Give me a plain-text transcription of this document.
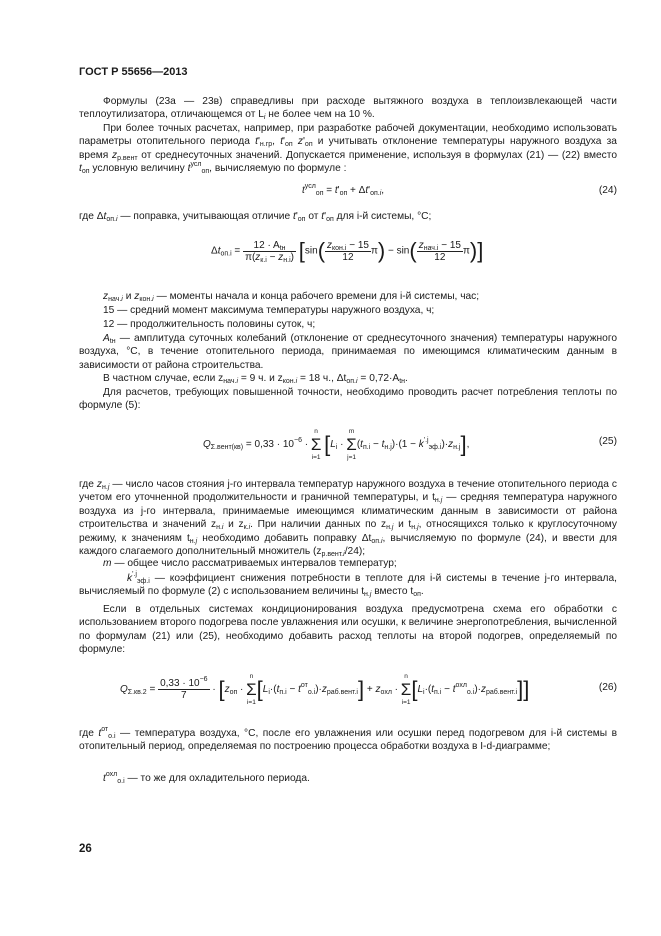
ГОСТ Р 55656—2013

Формулы (23а — 23в) справедливы при расходе вытяжного воздуха в теплоизвлекающей части теплоутилизатора, отличающемся от $L_i$ не более чем на 10 %.

При более точных расчетах, например, при разработке рабочей документации, необходимо использовать параметры отопительного периода $t'_{н.гр}$, $t'_{оп}$ $z'_{оп}$ и учитывать отклонение температуры наружного воздуха за время $z_{р.вент}$ от среднесуточных значений. Допускается применение, используя в формулах (21) — (22) вместо $t_{оп}$ условную величину $t^{усл}_{оп}$, вычисляемую по формуле :

$t^{усл}_{оп} = t'_{оп} + \Delta t'_{оп.i}$,	(24)

где $\Delta t_{оп.i}$ — поправка, учитывающая отличие $t'_{оп}$ от $t'_{оп}$ для i-й системы, °С;

$\Delta t_{оп.i} = \frac{12 \cdot A_{tн}}{\pi(z_{к.i} - z_{н.i})} [\sin( \frac{z_{кон.i} - 15}{12} \pi) - \sin( \frac{z_{нач.i} - 15}{12} \pi)]$

$z_{нач.i}$ и $z_{кон.i}$ — моменты начала и конца рабочего времени для i-й системы, час;

15 — средний момент максимума температуры наружного воздуха, ч;

12 — продолжительность половины суток, ч;

$A_{tн}$ — амплитуда суточных колебаний (отклонение от среднесуточного значения) температуры наружного воздуха, °С, в течение отопительного периода, принимаемая по имеющимся климатическим данным в зависимости от района строительства.

В частном случае, если $z_{нач.i} = 9$ ч. и $z_{кон.i} = 18$ ч., $\Delta t_{оп.i} = 0,72\cdot A_{tн}$.

Для расчетов, требующих повышенной точности, необходимо проводить расчет потребления теплоты по формуле (5):

$Q_{\Sigma.вент(кв)} = 0,33 \cdot 10^{-6}$ ·
n
Σ
i=1
[$L_i$ ·
m
Σ
j=1
$(t_{п.i} - t_{н.j})\cdot(1 - k^{'.j}_{эф.i})\cdot z_{н.j}$],	(25)

где $z_{н.j}$ — число часов стояния j-го интервала температур наружного воздуха в течение отопительного периода с учетом его уточненной продолжительности и граничной температуры, и $t_{н.j}$ — средняя температура наружного воздуха из j-го интервала, принимаемые имеющимся климатическим данным в зависимости от района строительства и значений $z_{н.i}$ и $z_{к.i}$. При наличии данных по $z_{н.j}$ и $t_{н.j}$, относящихся только к круглосуточному режиму, к значениям $t_{н.j}$ необходимо добавить поправку $\Delta t_{оп.i}$, вычисляемую по формуле (24), и ввести для каждого слагаемого дополнительный множитель $(z_{р.вент.i}/24)$;

m — общее число рассматриваемых интервалов температур;

$k^{'.j}_{эф.i}$ — коэффициент снижения потребности в теплоте для i-й системы в течение j-го интервала, вычисляемый по формуле (2) с использованием величины $t_{н.j}$ вместо $t_{оп}$.

Если в отдельных системах кондиционирования воздуха предусмотрена схема его обработки с использованием второго подогрева после увлажнения или осушки, к величине энергопотребления, вычисленной по формулам (21) или (25), необходимо добавить расход теплоты на второй подогрев, определяемый по формуле:

$Q_{\Sigma.кв.2} = \frac{0,33 \cdot 10^{-6}}{7} \cdot [z_{оп}$ ·
n
Σ
i=1
$[L_i\cdot(t_{п.i} - t^{от}_{о.i})\cdot z_{раб.вент.i}] + z_{охл}$ ·
n
Σ
i=1
$[L_i\cdot(t_{п.i} - t^{охл}_{о.i})\cdot z_{раб.вент.i}]$]	(26)

где $t^{от}_{о.i}$ — температура воздуха, °С, после его увлажнения или осушки перед подогревом для i-й системы в отопительный период, определяемая по построению процесса обработки воздуха в I-d-диаграмме;

$t^{охл}_{о.i}$ — то же для охладительного периода.

26
